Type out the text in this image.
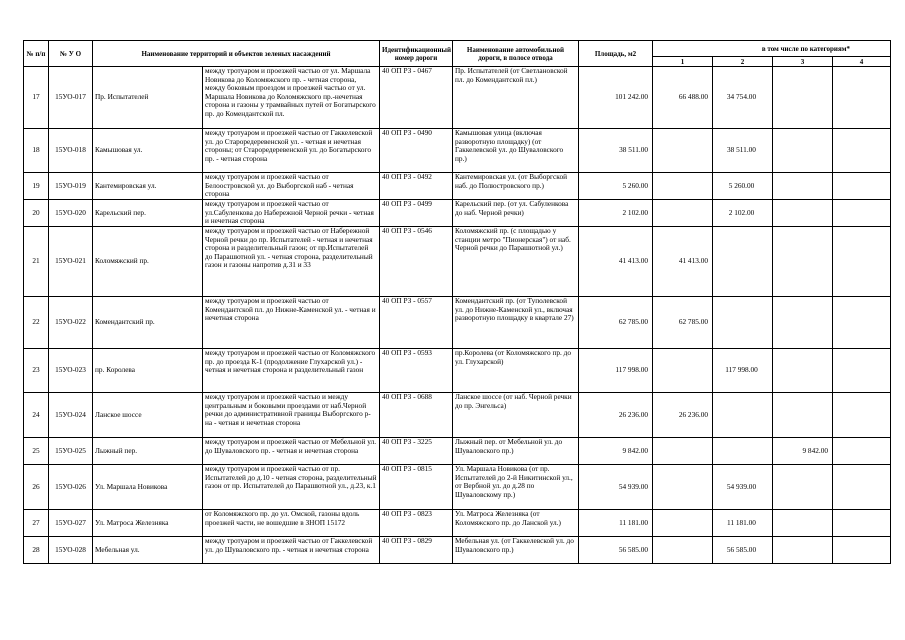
№ п/п	№ У О	Наименование территорий и объектов зеленых насаждений		Идентификационный номер дороги	Наименование автомобильной дороги, в полосе отвода	Площадь, м2	в том числе по категориям*			
							1	2	3	4
17	15УО-017	Пр. Испытателей	между тротуаром и проезжей частью от ул. Маршала Новикова до Коломяжского пр. - четная сторона, между боковым проездом и проезжей частью от ул. Маршала Новикова до Коломяжского пр.-нечетная сторона и газоны у трамвайных путей от Богатырского пр. до Комендантской пл.	40 ОП РЗ - 0467	Пр. Испытателей (от Светлановской пл. до Комендантской пл.)	101 242.00	66 488.00	34 754.00		
18	15УО-018	Камышовая ул.	между тротуаром и проезжей частью от Гаккелевской ул. до Староредеревенской ул. - четная и нечетная стороны; от Староредеревенской ул. до Богатырского пр. - четная сторона	40 ОП РЗ - 0490	Камышовая улица (включая разворотную площадку) (от Гаккелевской ул. до Шуваловского пр.)	38 511.00		38 511.00		
19	15УО-019	Кантемировская ул.	между тротуаром и проезжей частью от Белоостровской ул. до Выборгской наб - четная сторона	40 ОП РЗ - 0492	Кантемировская ул. (от Выборгской наб. до Полюстровского пр.)	5 260.00		5 260.00		
20	15УО-020	Карельский пер.	между тротуаром и проезжей частью от ул.Сабуленкова до Набережной Черной речки - четная и нечетная сторона	40 ОП РЗ - 0499	Карельский пер. (от ул. Сабуленкова до наб. Черной речки)	2 102.00		2 102.00		
21	15УО-021	Коломяжский пр.	между тротуаром и проезжей частью от Набережной Черной речки до пр. Испытателей - четная и нечетная сторона и разделительный газон; от пр.Испытателей до Парашютной ул. - четная сторона, разделительный газон и газоны напротив д.31 и 33	40 ОП РЗ - 0546	Коломяжский пр. (с площадью у станции метро "Пионерская") от наб. Черной речки до Парашютной ул.)	41 413.00	41 413.00			
22	15УО-022	Комендантский пр.	между тротуаром и проезжей частью от Комендантской пл. до Нижне-Каменской ул. - четная и нечетная сторона	40 ОП РЗ - 0557	Комендантский пр. (от Туполевской ул. до Нижне-Каменской ул., включая разворотную площадку в квартале 27)	62 785.00	62 785.00			
23	15УО-023	пр. Королева	между тротуаром и проезжей частью от Коломяжского пр. до проезда К-1 (продолжение Глухарской ул.) - четная и нечетная сторона и разделительный газон	40 ОП РЗ - 0593	пр.Королева (от Коломяжского пр. до ул. Глухарской)	117 998.00		117 998.00		
24	15УО-024	Ланское шоссе	между тротуаром и проезжей частью и между центральным и боковыми проездами от наб.Черной речки до административной границы Выборгского р-на - четная и нечетная сторона	40 ОП РЗ - 0688	Ланское шоссе (от наб. Черной речки до пр. Энгельса)	26 236.00	26 236.00			
25	15УО-025	Лыжный пер.	между тротуаром и проезжей частью от Мебельной ул. до Шуваловского пр. - четная и нечетная сторона	40 ОП РЗ - 3225	Лыжный пер. от Мебельной ул. до Шуваловского пр.)	9 842.00			9 842.00	
26	15УО-026	Ул. Маршала Новикова	между тротуаром и проезжей частью от пр. Испытателей до д.10 - четная сторона, разделительный газон от пр. Испытателей до Парашютной ул., д.23, к.1	40 ОП РЗ - 0815	Ул. Маршала Новикова (от пр. Испытателей до 2-й Никитинской ул., от Вербной ул. до д.28 по Шуваловскому пр.)	54 939.00		54 939.00		
27	15УО-027	Ул. Матроса Железняка	от Коломяжского пр. до ул. Омской, газоны вдоль проезжей части, не вошедшие в ЗНОП 15172	40 ОП РЗ - 0823	Ул. Матроса Железняка (от Коломяжского пр. до Ланской ул.)	11 181.00		11 181.00		
28	15УО-028	Мебельная ул.	между тротуаром и проезжей частью от Гаккелевской ул. до Шуваловского пр. - четная и нечетная сторона	40 ОП РЗ - 0829	Мебельная ул. (от Гаккелевской ул. до Шуваловского пр.)	56 585.00		56 585.00		
